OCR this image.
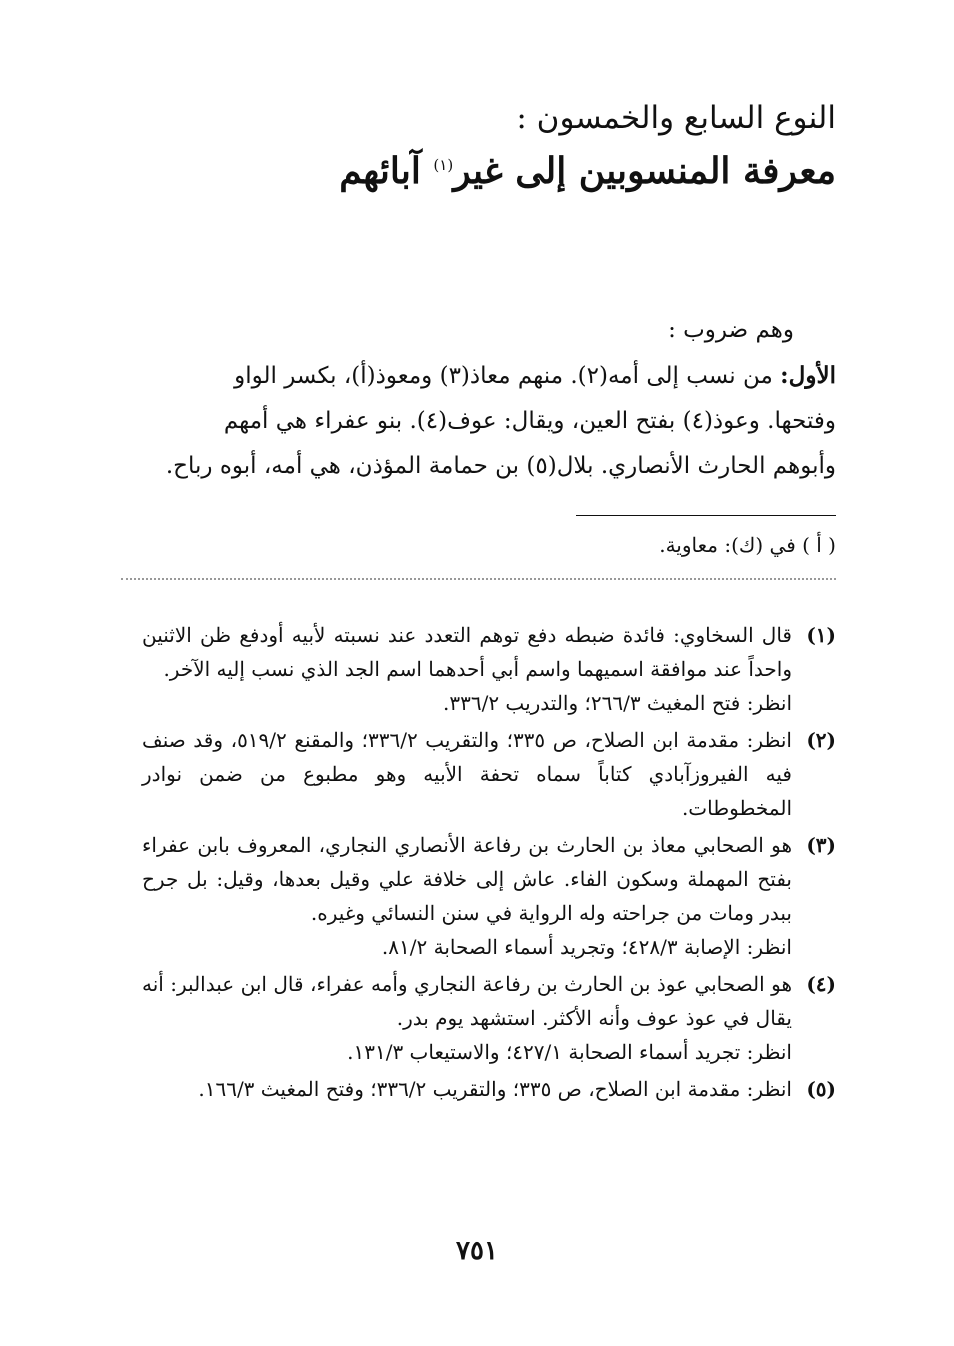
النوع السابع والخمسون :
معرفة المنسوبين إلى غير$^{(١)}$ آبائهم

وهم ضروب :

الأول: من نسب إلى أمه(٢). منهم معاذ(٣) ومعوذ(أ)، بكسر الواو

وفتحها. وعوذ(٤) بفتح العين، ويقال: عوف(٤). بنو عفراء هي أمهم

وأبوهم الحارث الأنصاري. بلال(٥) بن حمامة المؤذن، هي أمه، أبوه رباح.

( أ ) في (ك): معاوية.
(١)

قال السخاوي: فائدة ضبطه دفع توهم التعدد عند نسبته لأبيه أودفع ظن الاثنين واحداً عند موافقة اسميهما واسم أبي أحدهما اسم الجد الذي نسب إليه الآخر.

انظر: فتح المغيث ٢٦٦/٣؛ والتدريب ٣٣٦/٢.

(٢)

انظر: مقدمة ابن الصلاح، ص ٣٣٥؛ والتقريب ٣٣٦/٢؛ والمقنع ٥١٩/٢، وقد صنف فيه الفيروزآبادي كتاباً سماه تحفة الأبيه وهو مطبوع من ضمن نوادر المخطوطات.

(٣)

هو الصحابي معاذ بن الحارث بن رفاعة الأنصاري النجاري، المعروف بابن عفراء بفتح المهملة وسكون الفاء. عاش إلى خلافة علي وقيل بعدها، وقيل: بل جرح ببدر ومات من جراحته وله الرواية في سنن النسائي وغيره.

انظر: الإصابة ٤٢٨/٣؛ وتجريد أسماء الصحابة ٨١/٢.

(٤)

هو الصحابي عوذ بن الحارث بن رفاعة النجاري وأمه عفراء، قال ابن عبدالبر: أنه يقال في عوذ عوف وأنه الأكثر. استشهد يوم بدر.

انظر: تجريد أسماء الصحابة ٤٢٧/١؛ والاستيعاب ١٣١/٣.

(٥)

انظر: مقدمة ابن الصلاح، ص ٣٣٥؛ والتقريب ٣٣٦/٢؛ وفتح المغيث ١٦٦/٣.

٧٥١
